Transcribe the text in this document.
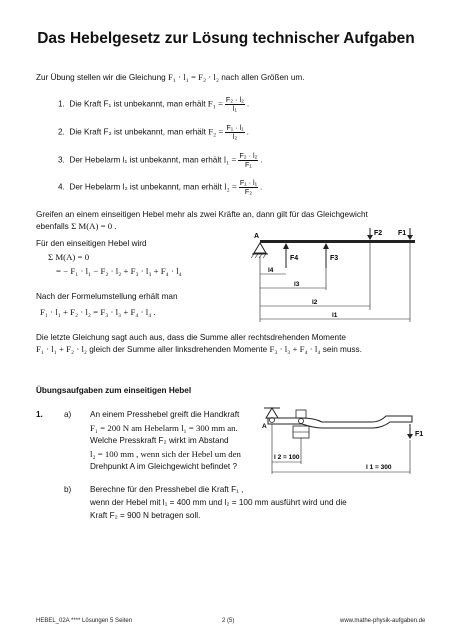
Das Hebelgesetz zur Lösung technischer Aufgaben
Zur Übung stellen wir die Gleichung F₁ · l₁ = F₂ · l₂ nach allen Größen um.
1. Die Kraft F₁ ist unbekannt, man erhält $F_1 = \frac{\text{F₂ · l₂}}{\text{l₁}}$ .
2. Die Kraft F₂ ist unbekannt, man erhält $F_2 = \frac{\text{F₁ · l₁}}{\text{l₂}}$ .
3. Der Hebelarm l₁ ist unbekannt, man erhält $l_1 = \frac{\text{F₂ · l₂}}{\text{F₁}}$ .
4. Der Hebelarm l₂ ist unbekannt, man erhält $l_2 = \frac{\text{F₁ · l₁}}{\text{F₂}}$ .
Greifen an einem einseitigen Hebel mehr als zwei Kräfte an, dann gilt für das Gleichgewicht
ebenfalls Σ M(A) = 0 .
Für den einseitigen Hebel wird
Σ M(A) = 0
= − F₁ · l₁ − F₂ · l₂ + F₃ · l₃ + F₄ · l₄
Nach der Formelumstellung erhält man
F₁ · l₁ + F₂ · l₂ = F₃ · l₃ + F₄ · l₄ .
A	F1
F2
F4	F3
l4
l3
l2
l1
Die letzte Gleichung sagt auch aus, dass die Summe aller rechtsdrehenden Momente
F₁ · l₁ + F₂ · l₂ gleich der Summe aller linksdrehenden Momente F₃ · l₃ + F₄ · l₄ sein muss.
Übungsaufgaben zum einseitigen Hebel
1.	a) An einem Presshebel greift die Handkraft
F₁ = 200 N am Hebelarm l₁ = 300 mm an.
Welche Presskraft F₂ wirkt im Abstand
l₂ = 100 mm , wenn sich der Hebel um den
Drehpunkt A im Gleichgewicht befindet ?
b) Berechne für den Presshebel die Kraft F₁ ,
wenn der Hebel mit l₁ = 400 mm und l₂ = 100 mm ausführt wird und die
Kraft F₂ = 900 N betragen soll.
A
F1
l 2 = 100
l 1 = 300
HEBEL_02A **** Lösungen 5 Seiten	2 (5)	www.mathe-physik-aufgaben.de
